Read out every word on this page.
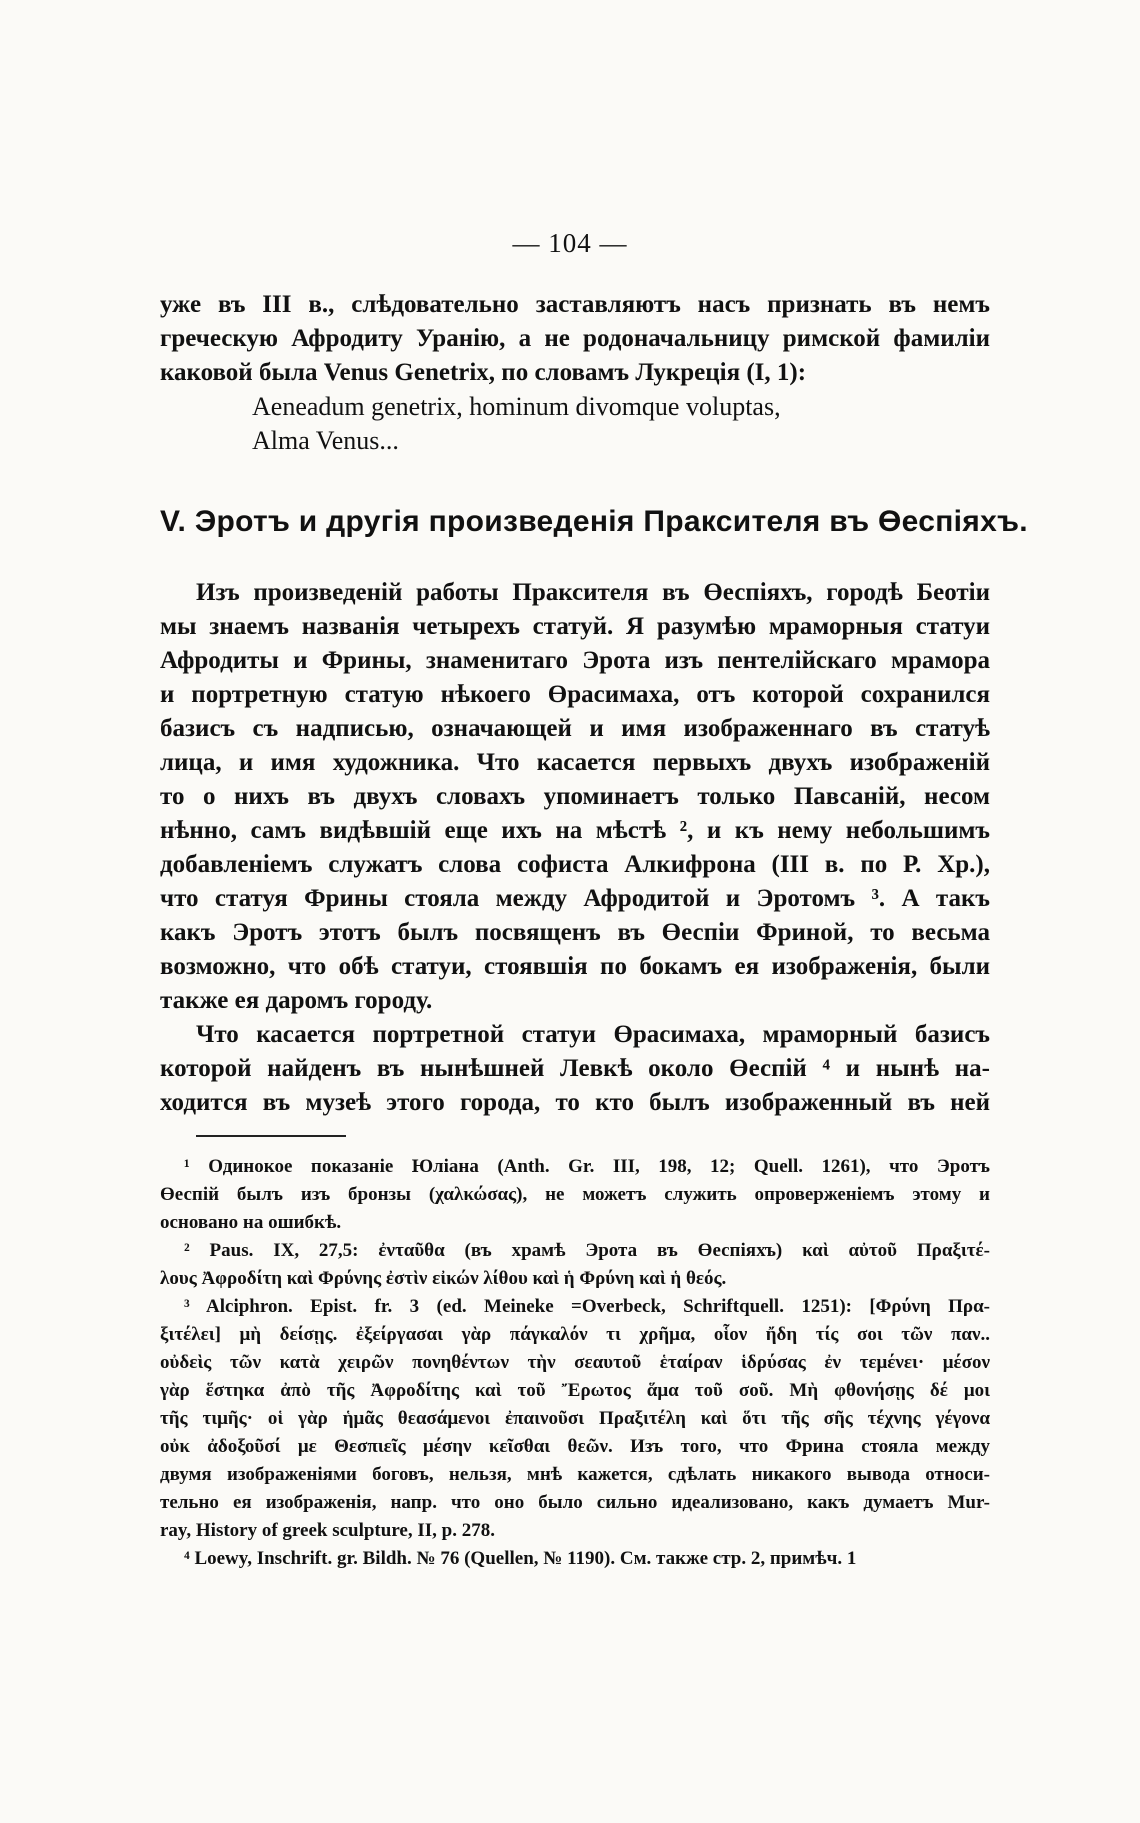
— 104 —
уже въ III в., слѣдовательно заставляютъ насъ признать въ немъ
греческую Афродиту Уранію, а не родоначальницу римской фамиліи
каковой была Venus Genetrix, по словамъ Лукреція (I, 1):
Aeneadum genetrix, hominum divomque voluptas,
Alma Venus...
V. Эротъ и другія произведенія Праксителя въ Өеспіяхъ.
Изъ произведеній работы Праксителя въ Өеспіяхъ, городѣ Беотіи
мы знаемъ названія четырехъ статуй. Я разумѣю мраморныя статуи
Афродиты и Фрины, знаменитаго Эрота изъ пентелійскаго мрамора
и портретную статую нѣкоего Өрасимаха, отъ которой сохранился
базисъ съ надписью, означающей и имя изображеннаго въ статуѣ
лица, и имя художника. Что касается первыхъ двухъ изображеній
то о нихъ въ двухъ словахъ упоминаетъ только Павсаній, несом
нѣнно, самъ видѣвшій еще ихъ на мѣстѣ ², и къ нему небольшимъ
добавленіемъ служатъ слова софиста Алкифрона (III в. по Р. Хр.),
что статуя Фрины стояла между Афродитой и Эротомъ ³. А такъ
какъ Эротъ этотъ былъ посвященъ въ Өеспіи Фриной, то весьма
возможно, что обѣ статуи, стоявшія по бокамъ ея изображенія, были
также ея даромъ городу.
Что касается портретной статуи Өрасимаха, мраморный базисъ
которой найденъ въ нынѣшней Левкѣ около Өеспій ⁴ и нынѣ на-
ходится въ музеѣ этого города, то кто былъ изображенный въ ней
¹ Одинокое показаніе Юліана (Anth. Gr. III, 198, 12; Quell. 1261), что Эротъ
Өеспій былъ изъ бронзы (χαλκώσας), не можетъ служить опроверженіемъ этому и
основано на ошибкѣ.
² Paus. IX, 27,5: ἐνταῦθα (въ храмѣ Эрота въ Өеспіяхъ) καὶ αὐτοῦ Πραξιτέ-
λους Ἀφροδίτη καὶ Φρύνης ἐστὶν εἰκών λίθου καὶ ἡ Φρύνη καὶ ἡ θεός.
³ Alciphron. Epist. fr. 3 (ed. Meineke =Overbeck, Schriftquell. 1251): [Φρύνη Πρα-
ξιτέλει] μὴ δείσῃς. ἐξείργασαι γὰρ πάγκαλόν τι χρῆμα, οἷον ἤδη τίς σοι τῶν παν..
οὐδεὶς τῶν κατὰ χειρῶν πονηθέντων τὴν σεαυτοῦ ἑταίραν ἱδρύσας ἐν τεμένει· μέσον
γὰρ ἕστηκα ἀπὸ τῆς Ἀφροδίτης καὶ τοῦ Ἔρωτος ἅμα τοῦ σοῦ. Μὴ φθονήσῃς δέ μοι
τῆς τιμῆς· οἱ γὰρ ἡμᾶς θεασάμενοι ἐπαινοῦσι Πραξιτέλη καὶ ὅτι τῆς σῆς τέχνης γέγονα
οὐκ ἀδοξοῦσί με Θεσπιεῖς μέσην κεῖσθαι θεῶν. Изъ того, что Фрина стояла между
двумя изображеніями боговъ, нельзя, мнѣ кажется, сдѣлать никакого вывода относи-
тельно ея изображенія, напр. что оно было сильно идеализовано, какъ думаетъ Mur-
ray, History of greek sculpture, II, p. 278.
⁴ Loewy, Inschrift. gr. Bildh. № 76 (Quellen, № 1190). См. также стр. 2, примѣч. 1
